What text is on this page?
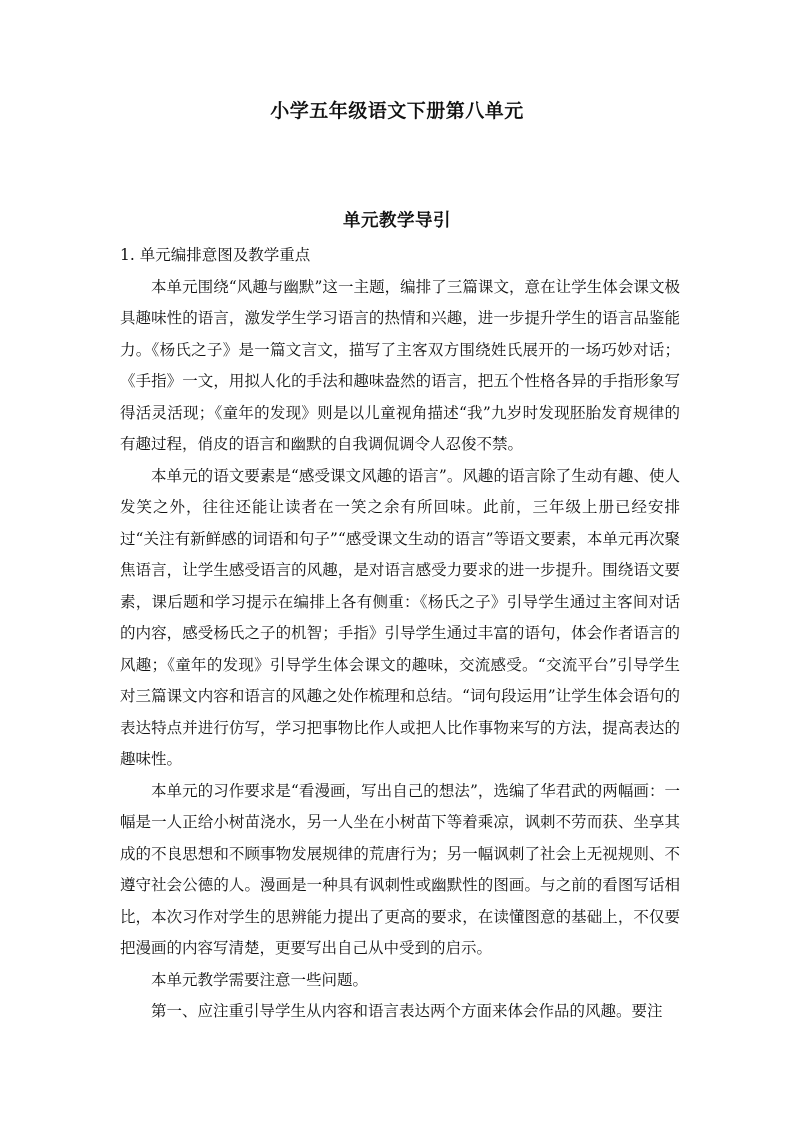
小学五年级语文下册第八单元
单元教学导引

1. 单元编排意图及教学重点

本单元围绕“风趣与幽默”这一主题，编排了三篇课文，意在让学生体会课文极具趣味性的语言，激发学生学习语言的热情和兴趣，进一步提升学生的语言品鉴能力。《杨氏之子》是一篇文言文，描写了主客双方围绕姓氏展开的一场巧妙对话；《手指》一文，用拟人化的手法和趣味盎然的语言，把五个性格各异的手指形象写得活灵活现；《童年的发现》则是以儿童视角描述“我”九岁时发现胚胎发育规律的有趣过程，俏皮的语言和幽默的自我调侃调令人忍俊不禁。

本单元的语文要素是“感受课文风趣的语言”。风趣的语言除了生动有趣、使人发笑之外，往往还能让读者在一笑之余有所回味。此前，三年级上册已经安排过“关注有新鲜感的词语和句子”“感受课文生动的语言”等语文要素，本单元再次聚焦语言，让学生感受语言的风趣，是对语言感受力要求的进一步提升。围绕语文要素，课后题和学习提示在编排上各有侧重：《杨氏之子》引导学生通过主客间对话的内容，感受杨氏之子的机智；手指》引导学生通过丰富的语句，体会作者语言的风趣；《童年的发现》引导学生体会课文的趣味，交流感受。“交流平台”引导学生对三篇课文内容和语言的风趣之处作梳理和总结。“词句段运用”让学生体会语句的表达特点并进行仿写，学习把事物比作人或把人比作事物来写的方法，提高表达的趣味性。

本单元的习作要求是“看漫画，写出自己的想法”，选编了华君武的两幅画：一幅是一人正给小树苗浇水，另一人坐在小树苗下等着乘凉，讽刺不劳而获、坐享其成的不良思想和不顾事物发展规律的荒唐行为；另一幅讽刺了社会上无视规则、不遵守社会公德的人。漫画是一种具有讽刺性或幽默性的图画。与之前的看图写话相比，本次习作对学生的思辨能力提出了更高的要求，在读懂图意的基础上，不仅要把漫画的内容写清楚，更要写出自己从中受到的启示。

本单元教学需要注意一些问题。

第一、应注重引导学生从内容和语言表达两个方面来体会作品的风趣。要注
